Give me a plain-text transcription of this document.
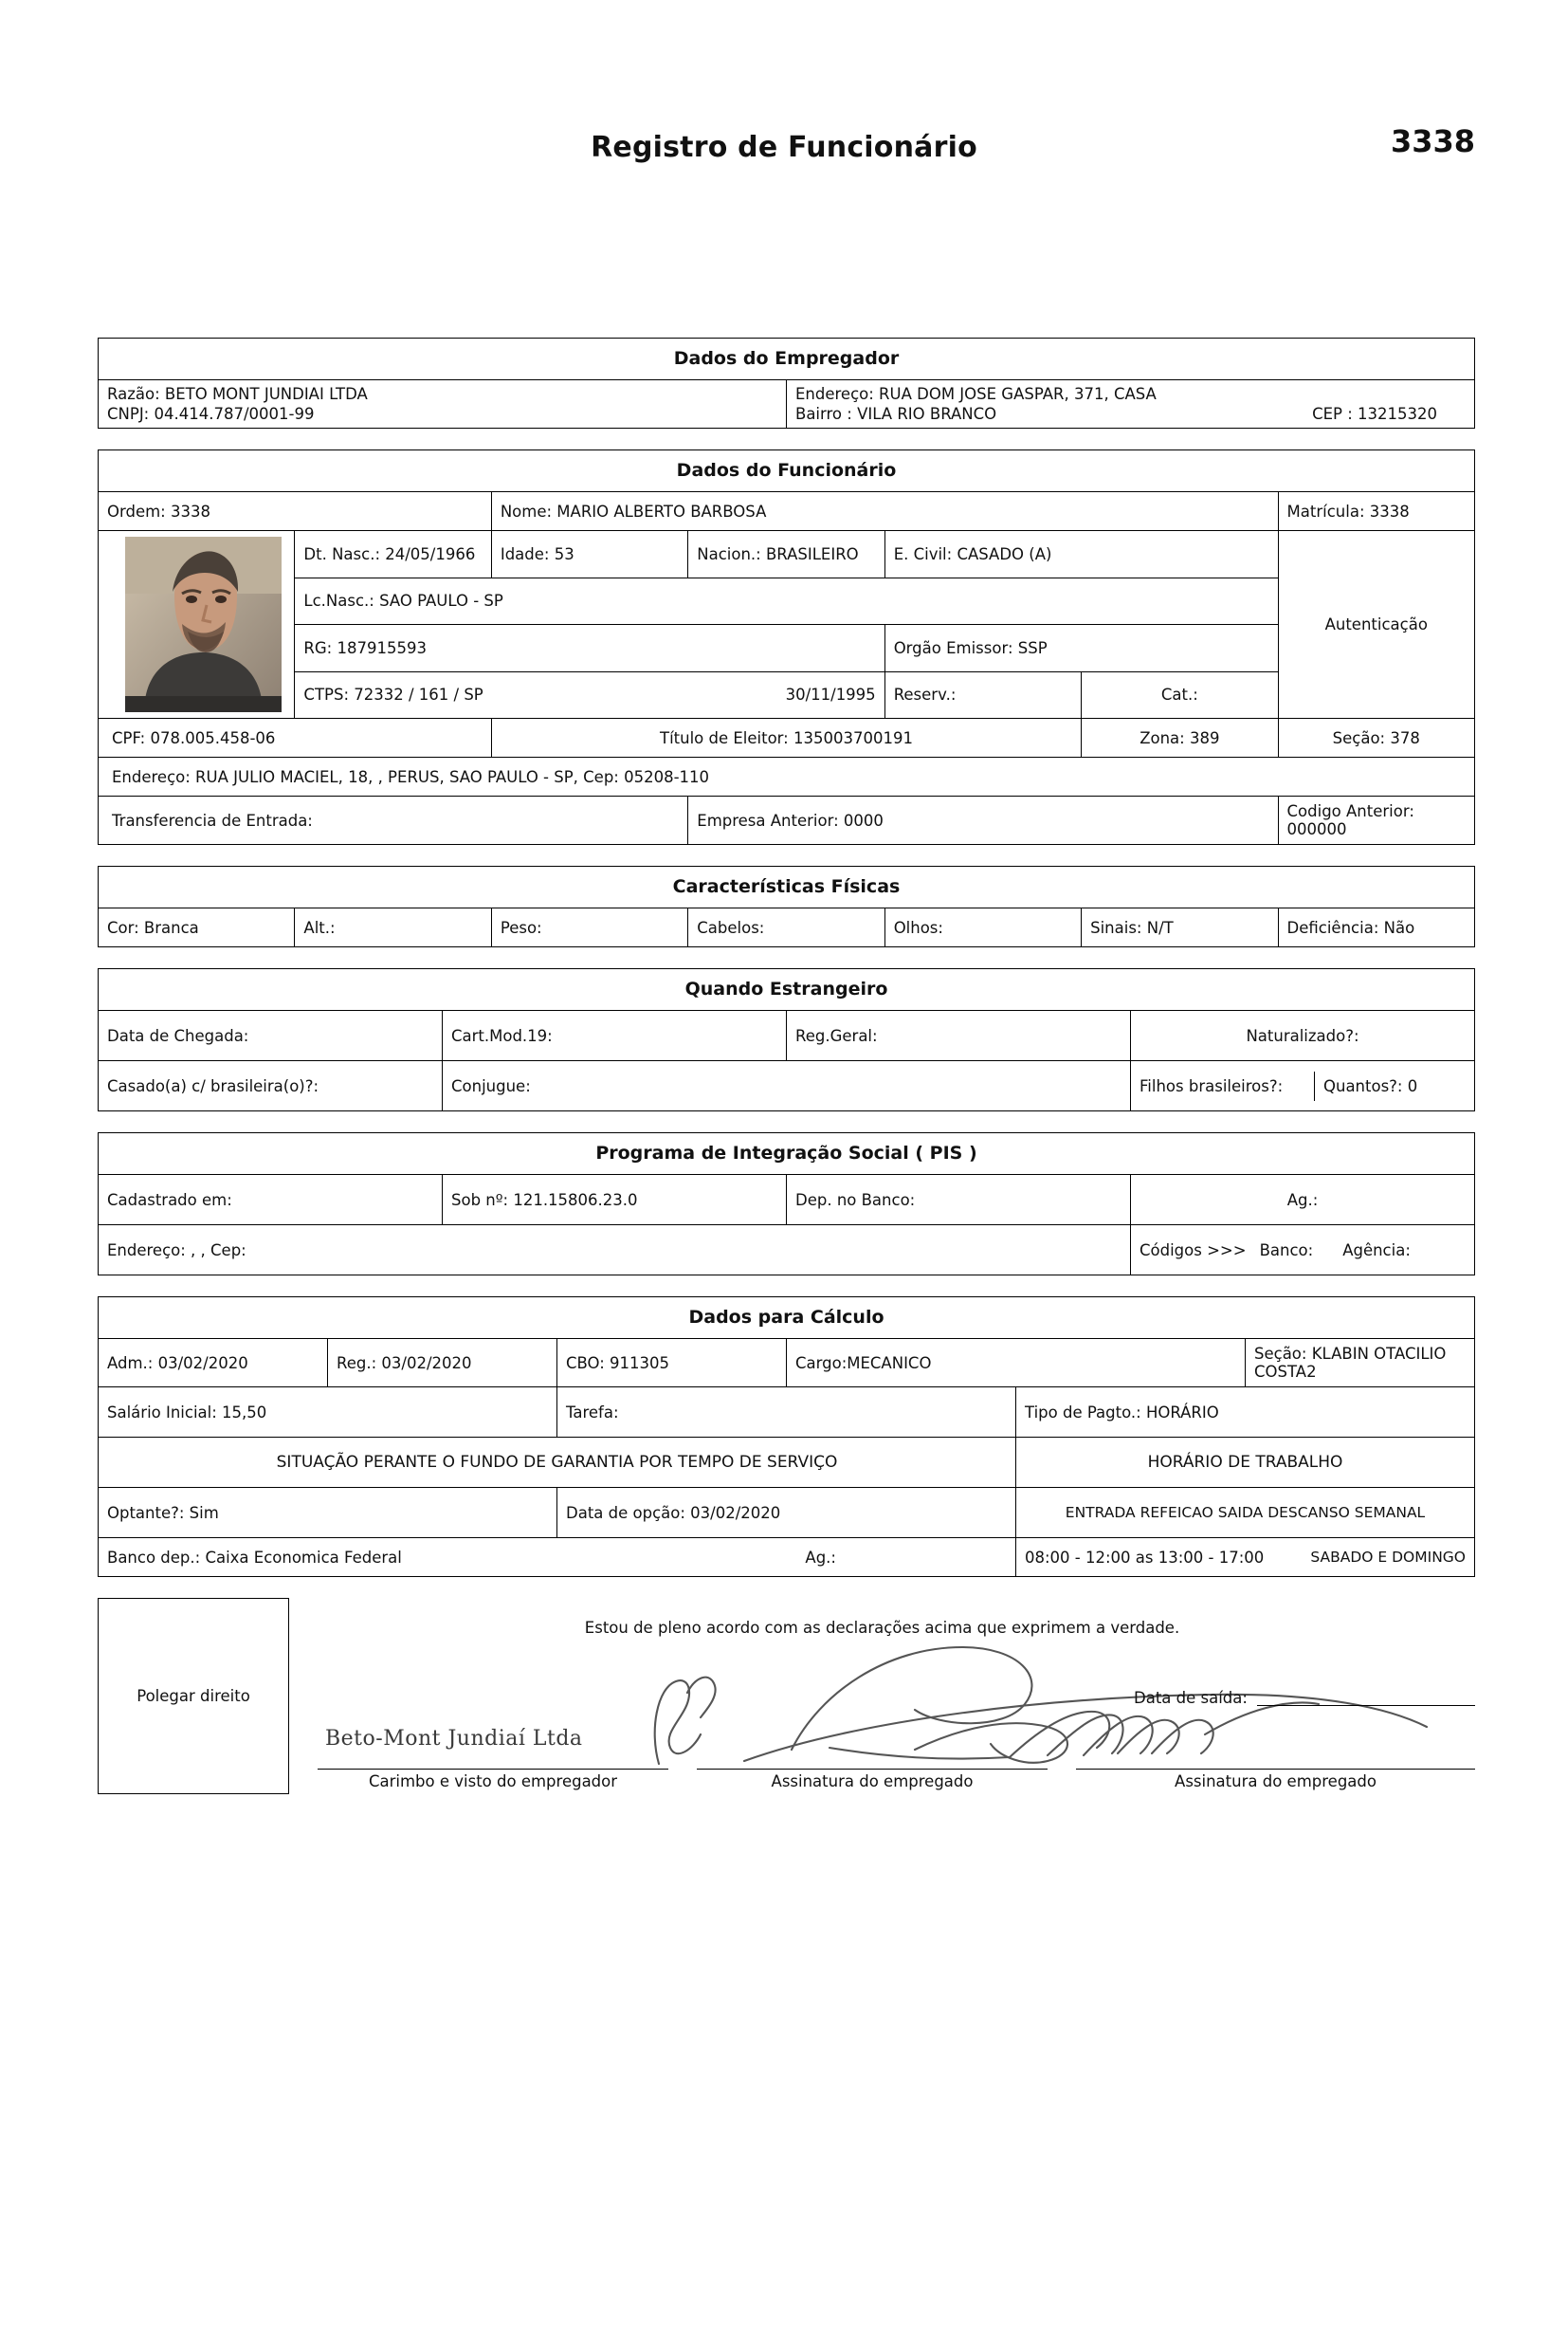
Registro de Funcionário	3338
Dados do Empregador

Razão: BETO MONT JUNDIAI LTDA
CNPJ: 04.414.787/0001-99

Endereço: RUA DOM JOSE GASPAR, 371, CASA
Bairro : VILA RIO BRANCO	CEP : 13215320
Dados do Funcionário						
Ordem: 3338		Nome: MARIO ALBERTO BARBOSA				Matrícula: 3338

	Dt. Nasc.: 24/05/1966	Idade: 53	Nacion.: BRASILEIRO	E. Civil: CASADO (A)		Autenticação
	Lc.Nasc.: SAO PAULO - SP					
	RG: 187915593			Orgão Emissor: SSP		

	CTPS: 72332 / 161 / SP 30/11/1995			Reserv.:	Cat.:	
CPF: 078.005.458-06		Título de Eleitor: 135003700191			Zona: 389	Seção: 378
Endereço: RUA JULIO MACIEL, 18, , PERUS, SAO PAULO - SP, Cep: 05208-110						
Transferencia de Entrada:			Empresa Anterior: 0000			Codigo Anterior: 000000
Características Físicas
Cor: Branca	Alt.:	Peso:	Cabelos:	Olhos:	Sinais: N/T	Deficiência: Não
Quando Estrangeiro			
Data de Chegada:	Cart.Mod.19:	Reg.Geral:	Naturalizado?:
Casado(a) c/ brasileira(o)?:	Conjugue:		Filhos brasileiros?: Quantos?: 0
Programa de Integração Social ( PIS )			
Cadastrado em:	Sob nº: 121.15806.23.0	Dep. no Banco:	Ag.:
Endereço: , , Cep:			Códigos >>> Banco: Agência:
Dados para Cálculo					
Adm.: 03/02/2020	Reg.: 03/02/2020	CBO: 911305	Cargo:MECANICO		Seção: KLABIN OTACILIO COSTA2
Salário Inicial: 15,50		Tarefa:		Tipo de Pagto.: HORÁRIO	
SITUAÇÃO PERANTE O FUNDO DE GARANTIA POR TEMPO DE SERVIÇO				HORÁRIO DE TRABALHO	
Optante?: Sim		Data de opção: 03/02/2020		ENTRADA REFEICAO SAIDA DESCANSO SEMANAL	

Banco dep.: Caixa Economica Federal Ag.:				08:00 - 12:00 as 13:00 - 17:00 SABADO E DOMINGO	
Polegar direito
Estou de pleno acordo com as declarações acima que exprimem a verdade.
Data de saída:
Beto-Mont Jundiaí Ltda
Carimbo e visto do empregador	Assinatura do empregado	Assinatura do empregado
